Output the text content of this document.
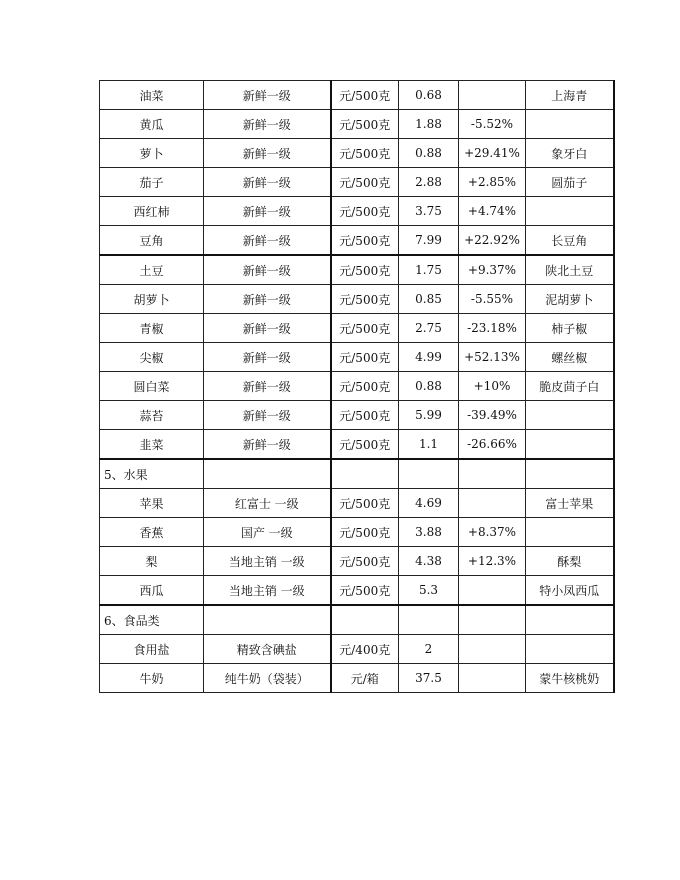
油菜	新鲜一级	元/500克	0.68		上海青
黄瓜	新鲜一级	元/500克	1.88	-5.52%	
萝卜	新鲜一级	元/500克	0.88	+29.41%	象牙白
茄子	新鲜一级	元/500克	2.88	+2.85%	圆茄子
西红柿	新鲜一级	元/500克	3.75	+4.74%	
豆角	新鲜一级	元/500克	7.99	+22.92%	长豆角
土豆	新鲜一级	元/500克	1.75	+9.37%	陕北土豆
胡萝卜	新鲜一级	元/500克	0.85	-5.55%	泥胡萝卜
青椒	新鲜一级	元/500克	2.75	-23.18%	柿子椒
尖椒	新鲜一级	元/500克	4.99	+52.13%	螺丝椒
圆白菜	新鲜一级	元/500克	0.88	+10%	脆皮茴子白
蒜苔	新鲜一级	元/500克	5.99	-39.49%	
韭菜	新鲜一级	元/500克	1.1	-26.66%	
5、水果					
苹果	红富士 一级	元/500克	4.69		富士苹果
香蕉	国产 一级	元/500克	3.88	+8.37%	
梨	当地主销 一级	元/500克	4.38	+12.3%	酥梨
西瓜	当地主销 一级	元/500克	5.3		特小凤西瓜
6、食品类					
食用盐	精致含碘盐	元/400克	2		
牛奶	纯牛奶（袋装）	元/箱	37.5		蒙牛核桃奶
